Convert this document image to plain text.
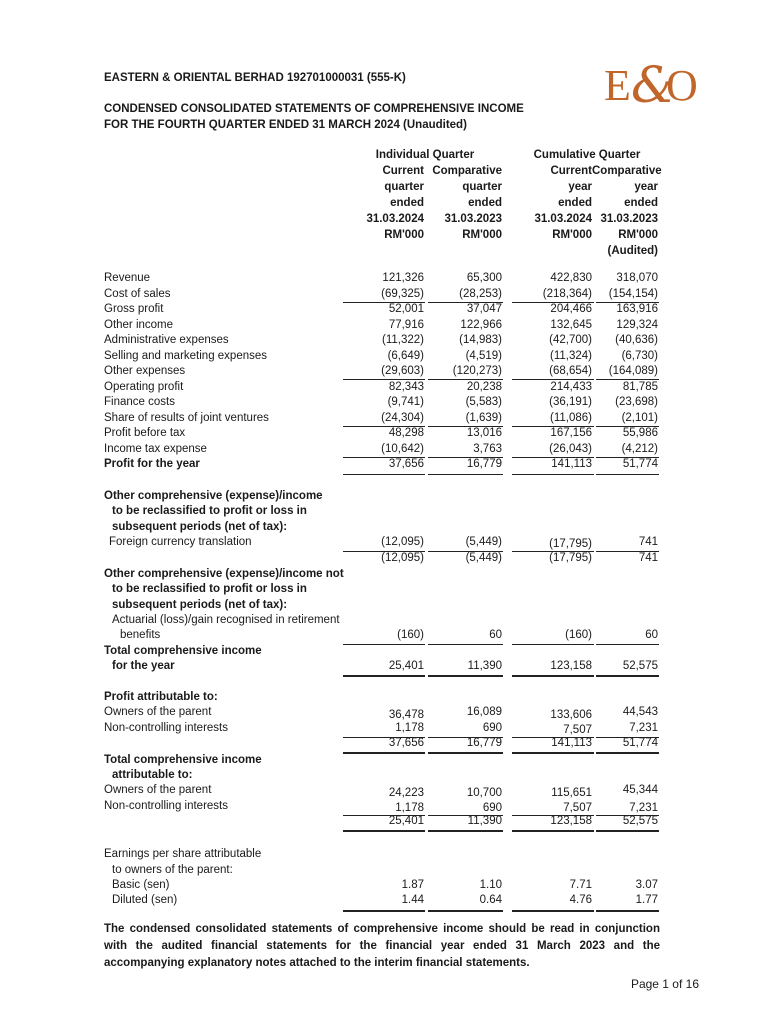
EASTERN & ORIENTAL BERHAD 192701000031 (555-K)
CONDENSED CONSOLIDATED STATEMENTS OF COMPREHENSIVE INCOME
FOR THE FOURTH QUARTER ENDED 31 MARCH 2024 (Unaudited)
E &
O
Individual Quarter	Cumulative Quarter
Current
quarter
ended
31.03.2024
RM'000
Comparative
quarter
ended
31.03.2023
RM'000
Current
year
ended
31.03.2024
RM'000
Comparative
year
ended
31.03.2023
RM'000
(Audited)
Revenue	121,326	65,300	422,830	318,070
Cost of sales	(69,325)	(28,253)	(218,364)	(154,154)
Gross profit	52,001	37,047	204,466	163,916
Other income	77,916	122,966	132,645	129,324
Administrative expenses	(11,322)	(14,983)	(42,700)	(40,636)
Selling and marketing expenses	(6,649)	(4,519)	(11,324)	(6,730)
Other expenses	(29,603)	(120,273)	(68,654)	(164,089)
Operating profit	82,343	20,238	214,433	81,785
Finance costs	(9,741)	(5,583)	(36,191)	(23,698)
Share of results of joint ventures	(24,304)	(1,639)	(11,086)	(2,101)
Profit before tax	48,298	13,016	167,156	55,986
Income tax expense	(10,642)	3,763	(26,043)	(4,212)
Profit for the year	37,656	16,779	141,113	51,774
Other comprehensive (expense)/income
to be reclassified to profit or loss in
subsequent periods (net of tax):
Foreign currency translation	(12,095)	(5,449)	(17,795)	741
(12,095)	(5,449)	(17,795)	741
Other comprehensive (expense)/income not
to be reclassified to profit or loss in
subsequent periods (net of tax):
Actuarial (loss)/gain recognised in retirement
benefits	(160)	60	(160)	60
Total comprehensive income
for the year	25,401	11,390	123,158	52,575
Profit attributable to:
Owners of the parent	36,478	16,089	133,606	44,543
Non-controlling interests	1,178	690	7,507	7,231
37,656	16,779	141,113	51,774
Total comprehensive income
attributable to:
Owners of the parent	24,223	10,700	115,651	45,344
Non-controlling interests	1,178	690	7,507	7,231
25,401	11,390	123,158	52,575
Earnings per share attributable
to owners of the parent:
Basic (sen)	1.87	1.10	7.71	3.07
Diluted (sen)	1.44	0.64	4.76	1.77
The condensed consolidated statements of comprehensive income should be read in conjunction with the audited financial statements for the financial year ended 31 March 2023 and the accompanying explanatory notes attached to the interim financial statements.
Page 1 of 16
